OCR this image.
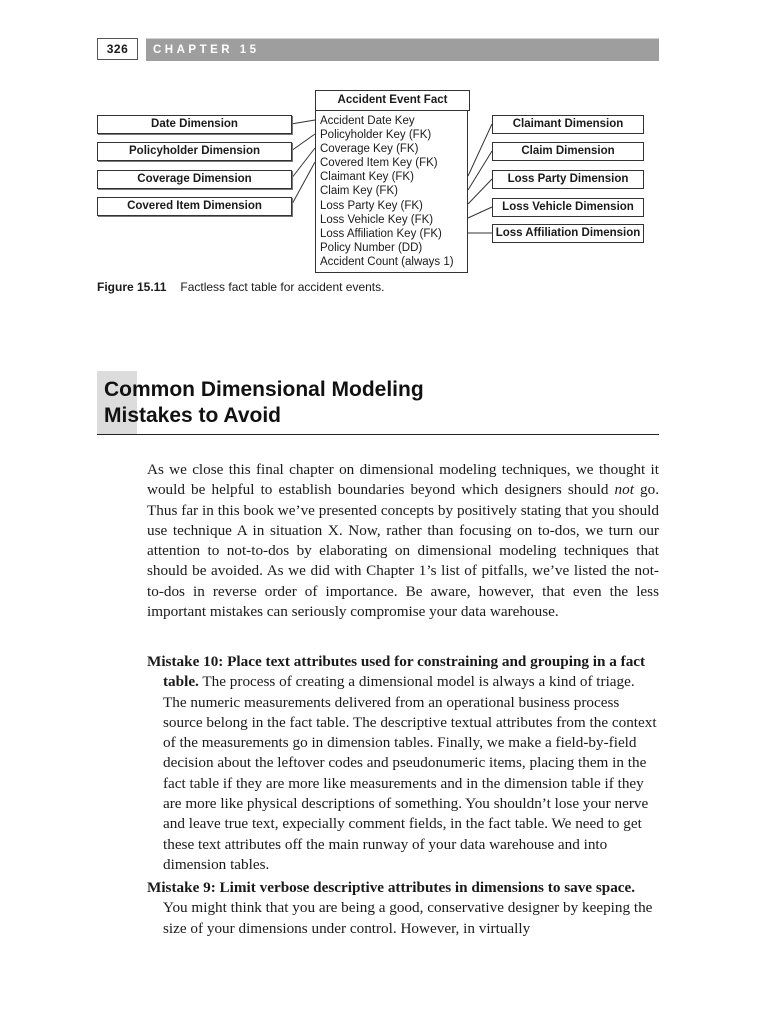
326	CHAPTER 15
Date Dimension
Policyholder Dimension
Coverage Dimension
Covered Item Dimension
Accident Event Fact
Accident Date Key
Policyholder Key (FK)
Coverage Key (FK)
Covered Item Key (FK)
Claimant Key (FK)
Claim Key (FK)
Loss Party Key (FK)
Loss Vehicle Key (FK)
Loss Affiliation Key (FK)
Policy Number (DD)
Accident Count (always 1)
Claimant Dimension
Claim Dimension
Loss Party Dimension
Loss Vehicle Dimension
Loss Affiliation Dimension
Figure 15.11 Factless fact table for accident events.
Common Dimensional Modeling
Mistakes to Avoid
As we close this final chapter on dimensional modeling techniques, we thought it would be helpful to establish boundaries beyond which designers should not go. Thus far in this book we’ve presented concepts by positively stating that you should use technique A in situation X. Now, rather than focusing on to-dos, we turn our attention to not-to-dos by elaborating on dimensional modeling techniques that should be avoided. As we did with Chapter 1’s list of pitfalls, we’ve listed the not-to-dos in reverse order of importance. Be aware, however, that even the less important mistakes can seriously compromise your data warehouse.
Mistake 10: Place text attributes used for constraining and grouping in a fact table. The process of creating a dimensional model is always a kind of triage. The numeric measurements delivered from an operational business process source belong in the fact table. The descriptive textual attributes from the context of the measurements go in dimension tables. Finally, we make a field-by-field decision about the leftover codes and pseudonumeric items, placing them in the fact table if they are more like measurements and in the dimension table if they are more like physical descriptions of something. You shouldn’t lose your nerve and leave true text, expecially comment fields, in the fact table. We need to get these text attributes off the main runway of your data warehouse and into dimension tables.
Mistake 9: Limit verbose descriptive attributes in dimensions to save space. You might think that you are being a good, conservative designer by keeping the size of your dimensions under control. However, in virtually
